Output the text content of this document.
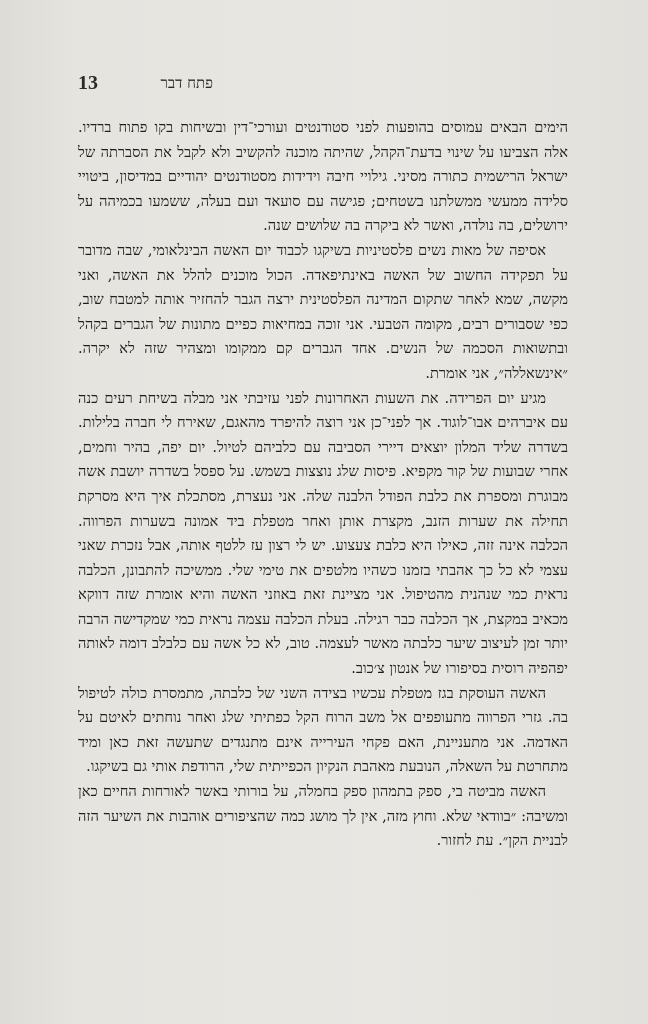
13	פתח דבר

הימים הבאים עמוסים בהופעות לפני סטודנטים ועורכי־דין ובשיחות בקו פתוח ברדיו. אלה הצביעו על שינוי בדעת־הקהל, שהיתה מוכנה להקשיב ולא לקבל את הסברתה של ישראל הרישמית כתורה מסיני. גילויי חיבה וידידות מסטודנטים יהודיים במדיסון, ביטויי סלידה ממעשי ממשלתנו בשטחים; פגישה עם סועאד ועם בעלה, ששמעו בכמיהה על ירושלים, בה נולדה, ואשר לא ביקרה בה שלושים שנה.

אסיפה של מאות נשים פלסטיניות בשיקגו לכבוד יום האשה הבינלאומי, שבה מדובר על תפקידה החשוב של האשה באינתיפאדה. הכול מוכנים להלל את האשה, ואני מקשה, שמא לאחר שתקום המדינה הפלסטינית ירצה הגבר להחזיר אותה למטבח שוב, כפי שסבורים רבים, מקומה הטבעי. אני זוכה במחיאות כפיים מתונות של הגברים בקהל ובתשואות הסכמה של הנשים. אחד הגברים קם ממקומו ומצהיר שזה לא יקרה. ״אינשאללה״, אני אומרת.

מגיע יום הפרידה. את השעות האחרונות לפני עזיבתי אני מבלה בשיחת רעים כנה עם איברהים אבו־לוגוד. אך לפני־כן אני רוצה להיפרד מהאגם, שאירח לי חברה בלילות. בשדרה שליד המלון יוצאים דיירי הסביבה עם כלביהם לטיול. יום יפה, בהיר וחמים, אחרי שבועות של קור מקפיא. פיסות שלג נוצצות בשמש. על ספסל בשדרה יושבת אשה מבוגרת ומספרת את כלבת הפודל הלבנה שלה. אני נעצרת, מסתכלת איך היא מסרקת תחילה את שערות הזנב, מקצרת אותן ואחר מטפלת ביד אמונה בשערות הפרווה. הכלבה אינה זזה, כאילו היא כלבת צעצוע. יש לי רצון עז ללטף אותה, אבל נזכרת שאני עצמי לא כל כך אהבתי בזמנו כשהיו מלטפים את טימי שלי. ממשיכה להתבונן, הכלבה נראית כמי שנהנית מהטיפול. אני מציינת זאת באוזני האשה והיא אומרת שזה דווקא מכאיב במקצת, אך הכלבה כבר רגילה. בעלת הכלבה עצמה נראית כמי שמקדישה הרבה יותר זמן לעיצוב שיער כלבתה מאשר לעצמה. טוב, לא כל אשה עם כלבלב דומה לאותה יפהפיה רוסית בסיפורו של אנטון צ׳כוב.

האשה העוסקת בגז מטפלת עכשיו בצידה השני של כלבתה, מתמסרת כולה לטיפול בה. גזרי הפרווה מתעופפים אל משב הרוח הקל כפתיתי שלג ואחר נוחתים לאיטם על האדמה. אני מתעניינת, האם פקחי העירייה אינם מתנגדים שתעשה זאת כאן ומיד מתחרטת על השאלה, הנובעת מאהבת הנקיון הכפייתית שלי, הרודפת אותי גם בשיקגו.

האשה מביטה בי, ספק בתמהון ספק בחמלה, על בורותי באשר לאורחות החיים כאן ומשיבה: ״בוודאי שלא. וחוץ מזה, אין לך מושג כמה שהציפורים אוהבות את השיער הזה לבניית הקן״. עת לחזור.
